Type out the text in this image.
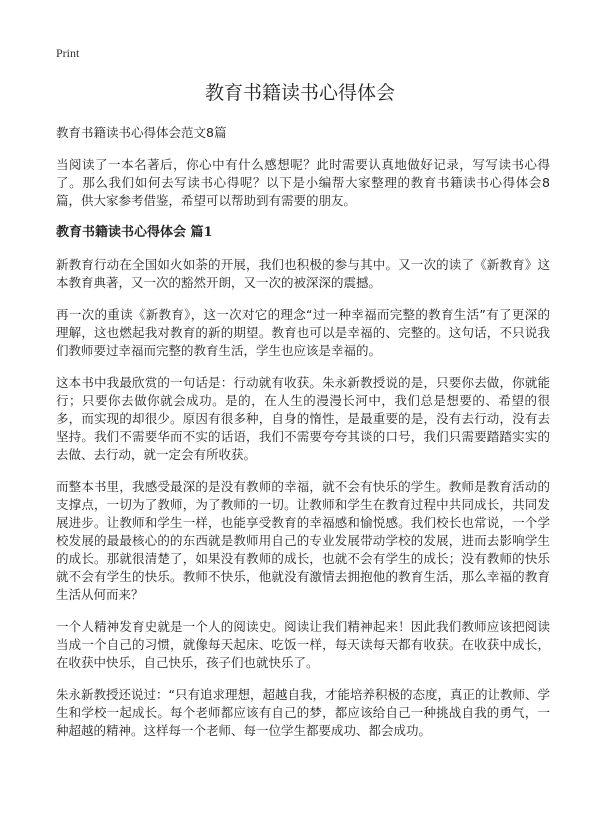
Print
教育书籍读书心得体会

教育书籍读书心得体会范文8篇

当阅读了一本名著后，你心中有什么感想呢？此时需要认真地做好记录，写写读书心得了。那么我们如何去写读书心得呢？以下是小编帮大家整理的教育书籍读书心得体会8篇，供大家参考借鉴，希望可以帮助到有需要的朋友。

教育书籍读书心得体会 篇1

新教育行动在全国如火如荼的开展，我们也积极的参与其中。又一次的读了《新教育》这本教育典著，又一次的豁然开朗，又一次的被深深的震撼。

再一次的重读《新教育》，这一次对它的理念“过一种幸福而完整的教育生活”有了更深的理解，这也燃起我对教育的新的期望。教育也可以是幸福的、完整的。这句话，不只说我们教师要过幸福而完整的教育生活，学生也应该是幸福的。

这本书中我最欣赏的一句话是：行动就有收获。朱永新教授说的是，只要你去做，你就能行；只要你去做你就会成功。是的，在人生的漫漫长河中，我们总是想要的、希望的很多，而实现的却很少。原因有很多种，自身的惰性，是最重要的是，没有去行动，没有去坚持。我们不需要华而不实的话语，我们不需要夸夸其谈的口号，我们只需要踏踏实实的去做、去行动，就一定会有所收获。

而整本书里，我感受最深的是没有教师的幸福，就不会有快乐的学生。教师是教育活动的支撑点，一切为了教师，为了教师的一切。让教师和学生在教育过程中共同成长，共同发展进步。让教师和学生一样，也能享受教育的幸福感和愉悦感。我们校长也常说，一个学校发展的最最核心的的东西就是教师用自己的专业发展带动学校的发展，进而去影响学生的成长。那就很清楚了，如果没有教师的成长，也就不会有学生的成长；没有教师的快乐就不会有学生的快乐。教师不快乐，他就没有激情去拥抱他的教育生活，那么幸福的教育生活从何而来？

一个人精神发育史就是一个人的阅读史。阅读让我们精神起来！因此我们教师应该把阅读当成一个自己的习惯，就像每天起床、吃饭一样，每天读每天都有收获。在收获中成长，在收获中快乐，自己快乐，孩子们也就快乐了。

朱永新教授还说过：“只有追求理想，超越自我，才能培养积极的态度，真正的让教师、学生和学校一起成长。每个老师都应该有自己的梦，都应该给自己一种挑战自我的勇气，一种超越的精神。这样每一个老师、每一位学生都要成功、都会成功。
